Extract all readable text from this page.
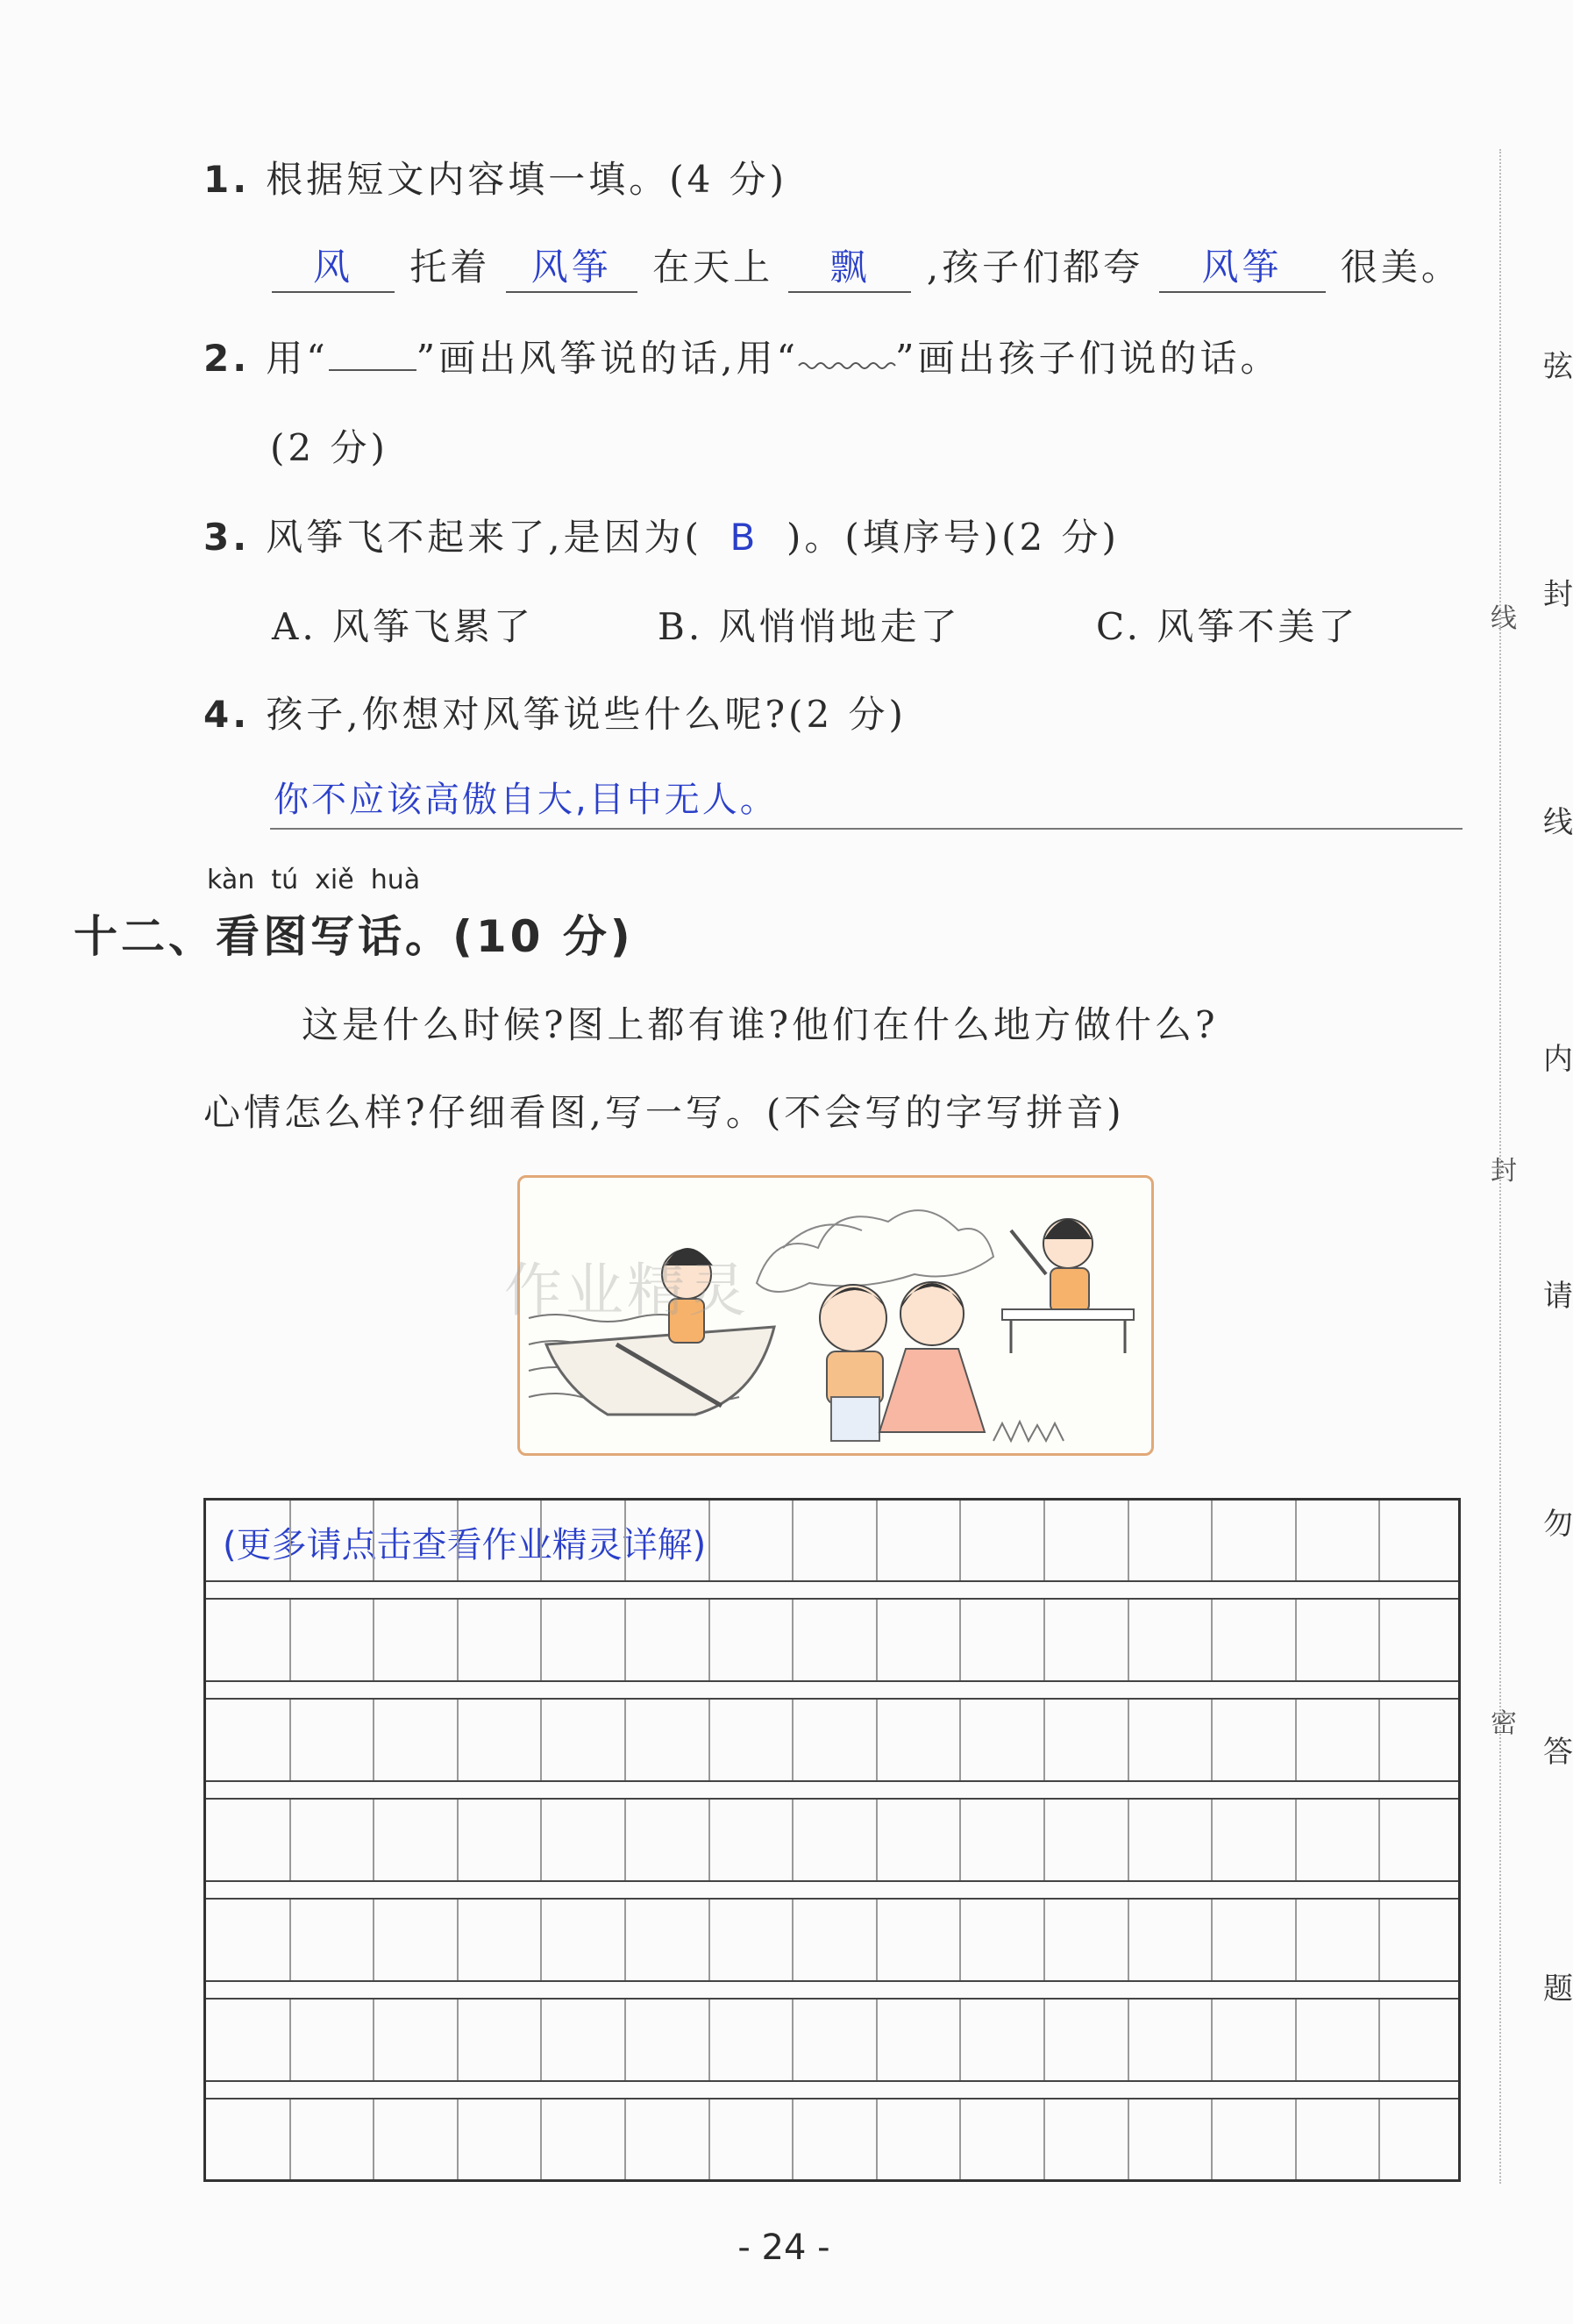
线
封
密
弦
封
线
内
请
勿
答
题
1. 根据短文内容填一填。(4 分)
风 托着 风筝 在天上 飘 ,孩子们都夸 风筝 很美。
2. 用“ ”画出风筝说的话,用“	”画出孩子们说的话。
(2 分)
3. 风筝飞不起来了,是因为( B )。(填序号)(2 分)
A. 风筝飞累了	B. 风悄悄地走了	C. 风筝不美了
4. 孩子,你想对风筝说些什么呢?(2 分)
你不应该高傲自大,目中无人。
kàn  tú  xiě  huà
十二、看图写话。(10 分)
这是什么时候?图上都有谁?他们在什么地方做什么?
心情怎么样?仔细看图,写一写。(不会写的字写拼音)
作业精灵
(更多请点击查看作业精灵详解)
- 24 -
